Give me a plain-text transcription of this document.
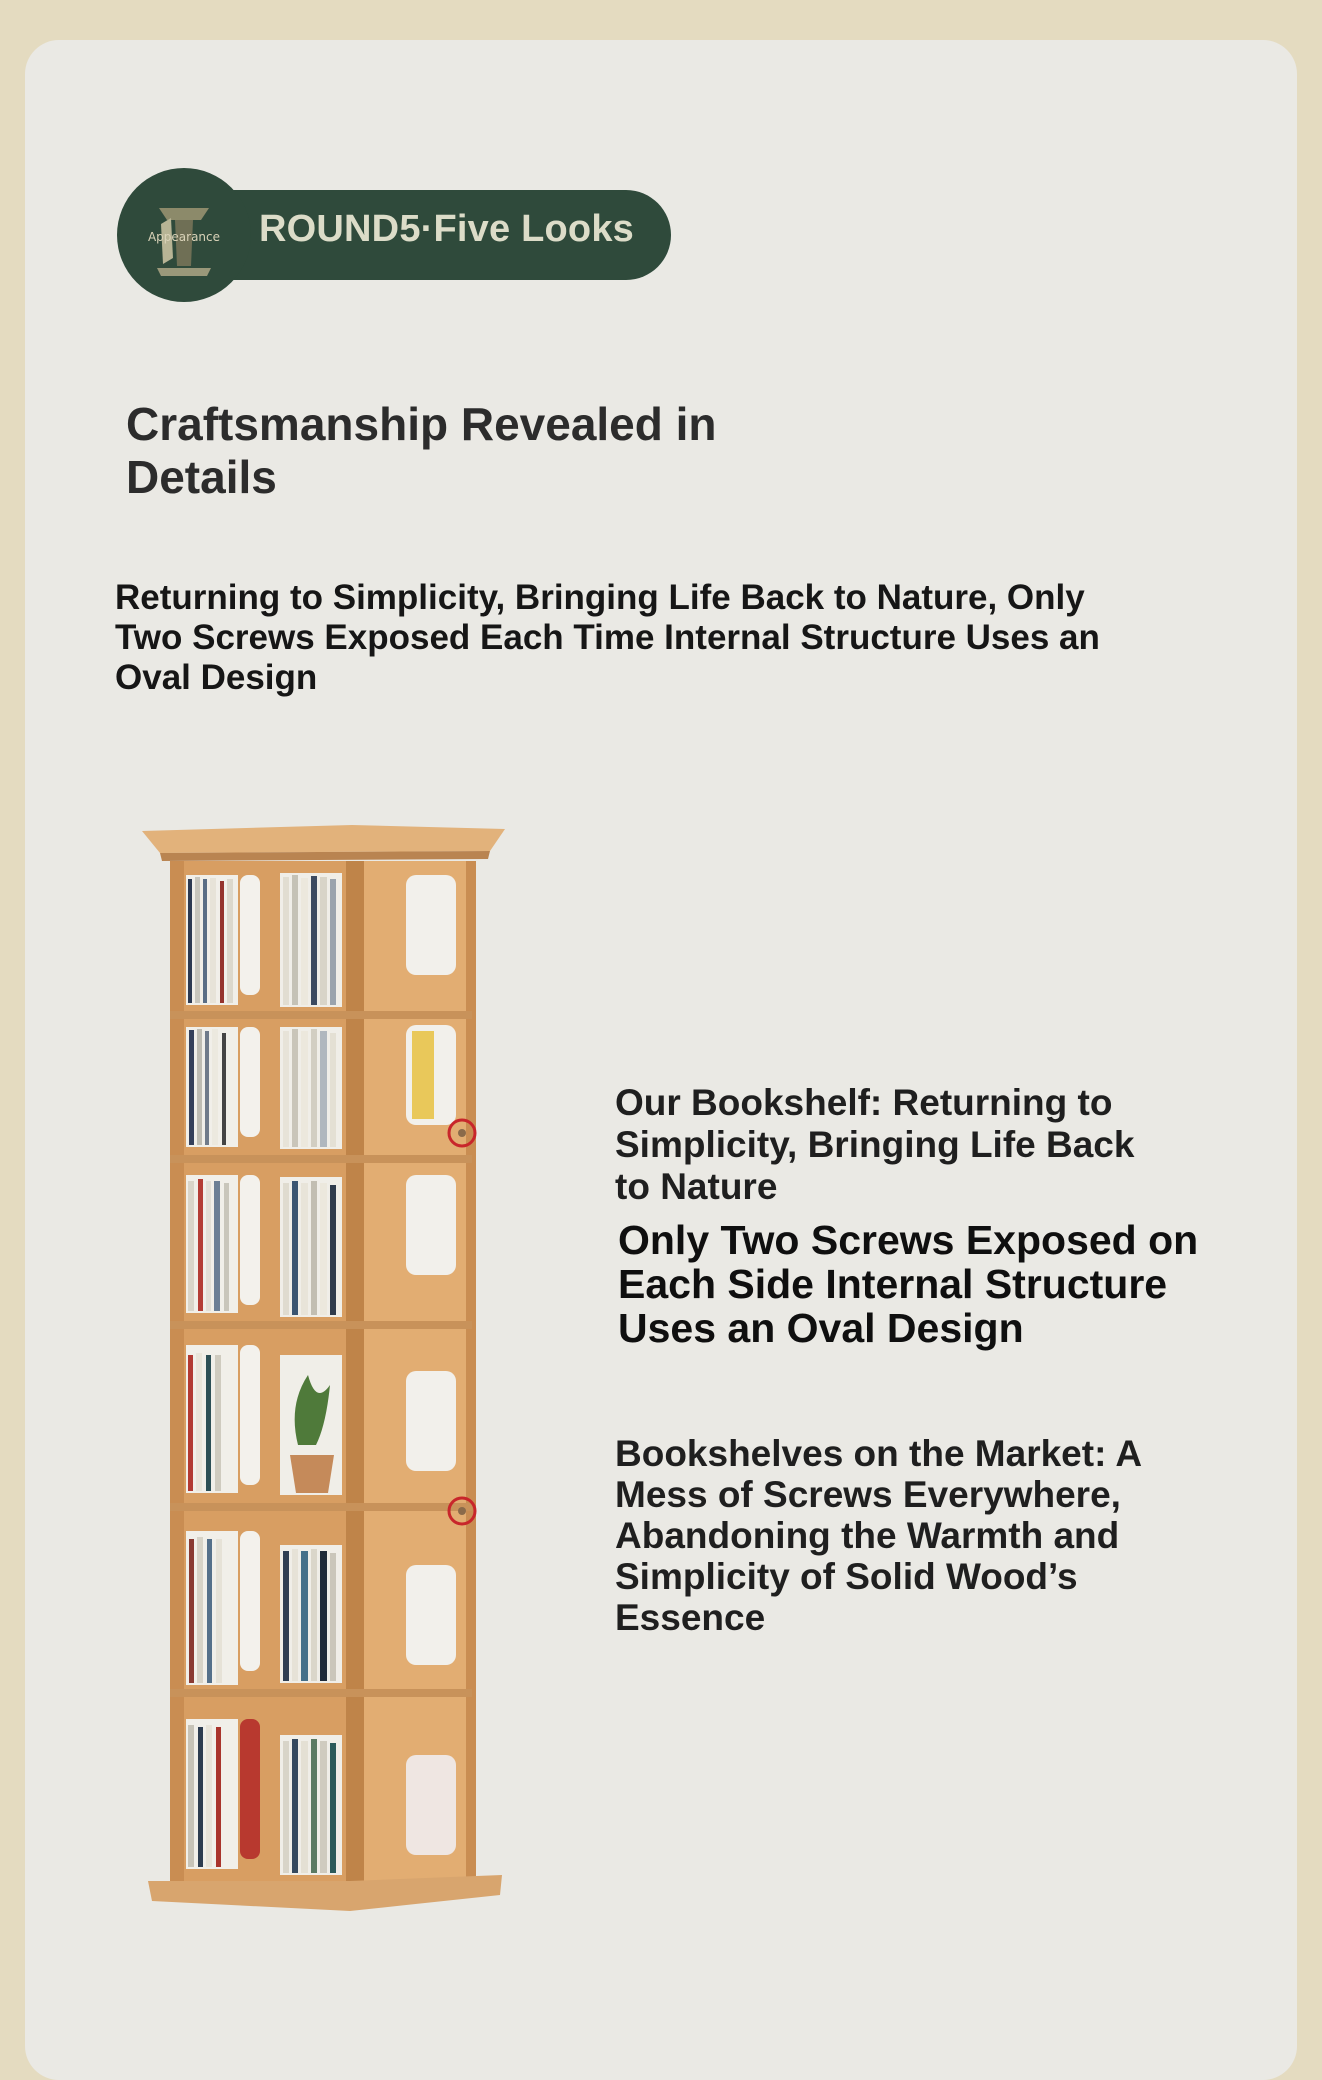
Appearance	ROUND5·Five Looks
Craftsmanship Revealed in Details

Returning to Simplicity, Bringing Life Back to Nature, Only Two Screws Exposed Each Time Internal Structure Uses an Oval Design

Our Bookshelf: Returning to Simplicity, Bringing Life Back to Nature

Only Two Screws Exposed on Each Side Internal Structure Uses an Oval Design

Bookshelves on the Market: A Mess of Screws Everywhere, Abandoning the Warmth and Simplicity of Solid Wood’s Essence
